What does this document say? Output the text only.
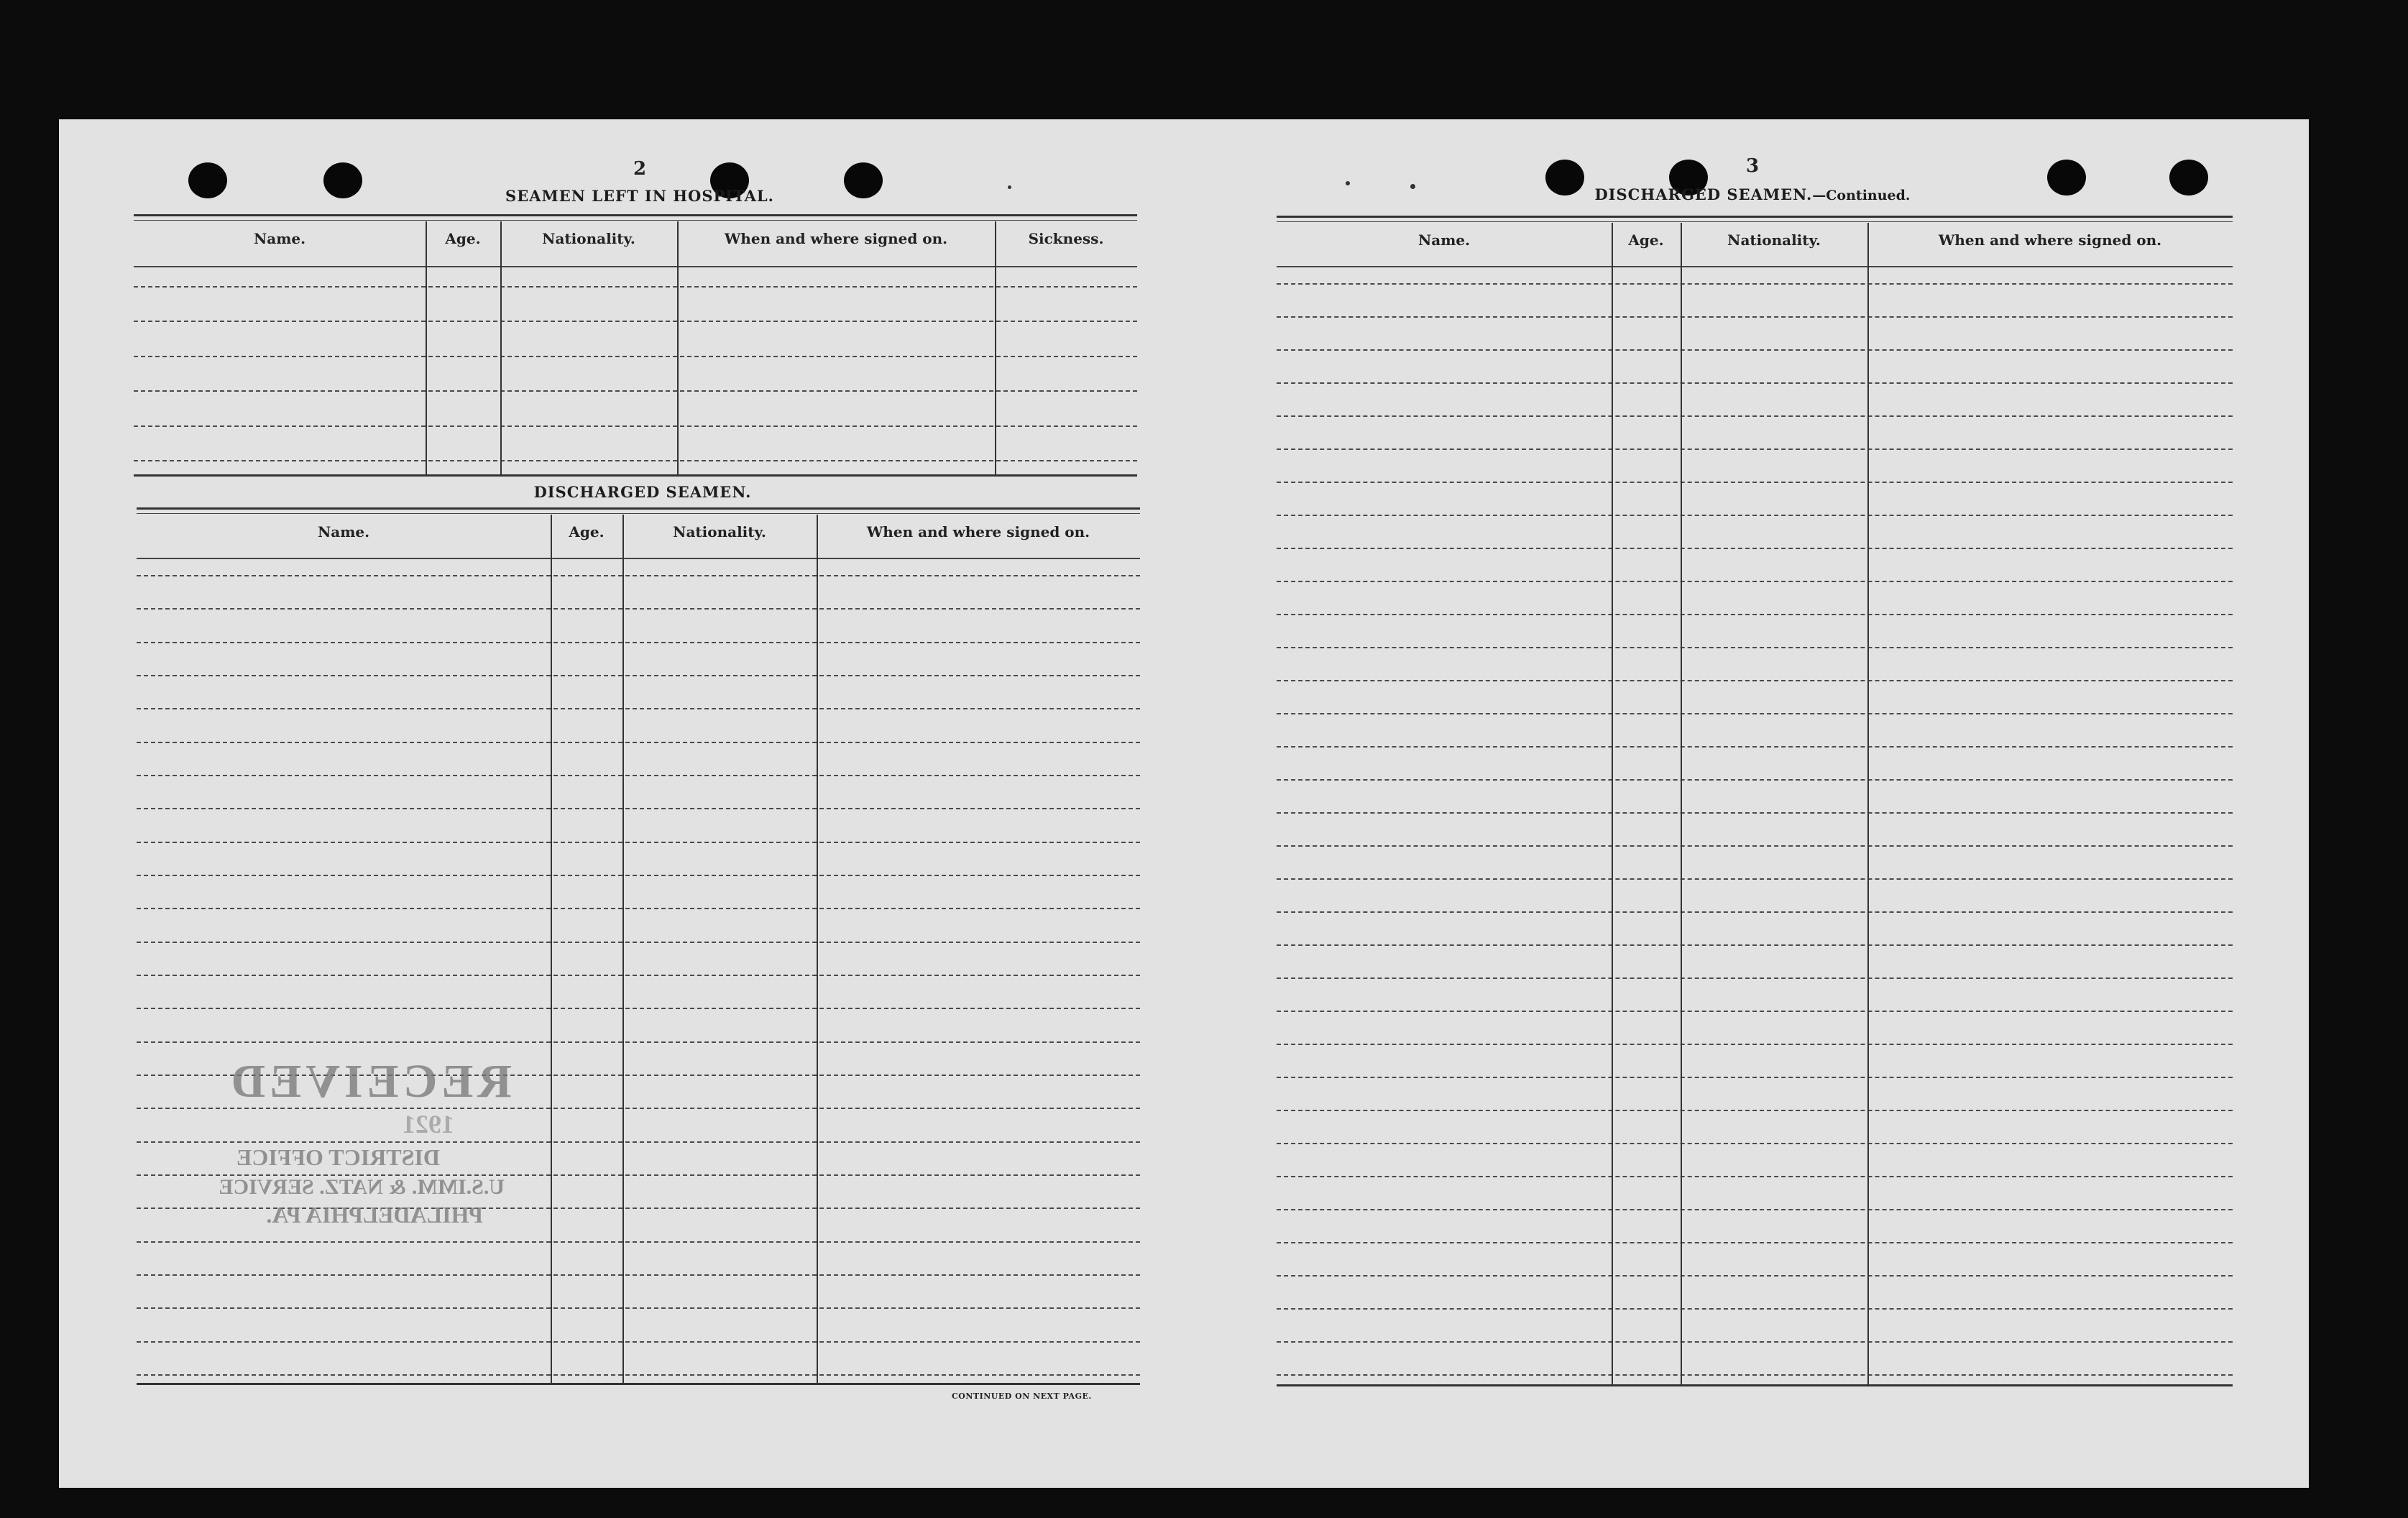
2
SEAMEN LEFT IN HOSPITAL.
Name.	Age.	Nationality.	When and where signed on.	Sickness.
DISCHARGED SEAMEN.
Name.	Age.	Nationality.	When and where signed on.
CONTINUED ON NEXT PAGE.
RECEIVED
1921
DISTRICT OFFICE
U.S.IMM. & NATZ. SERVICE
PHILADELPHIA PA.
3
DISCHARGED SEAMEN.—Continued.
Name.	Age.	Nationality.	When and where signed on.
